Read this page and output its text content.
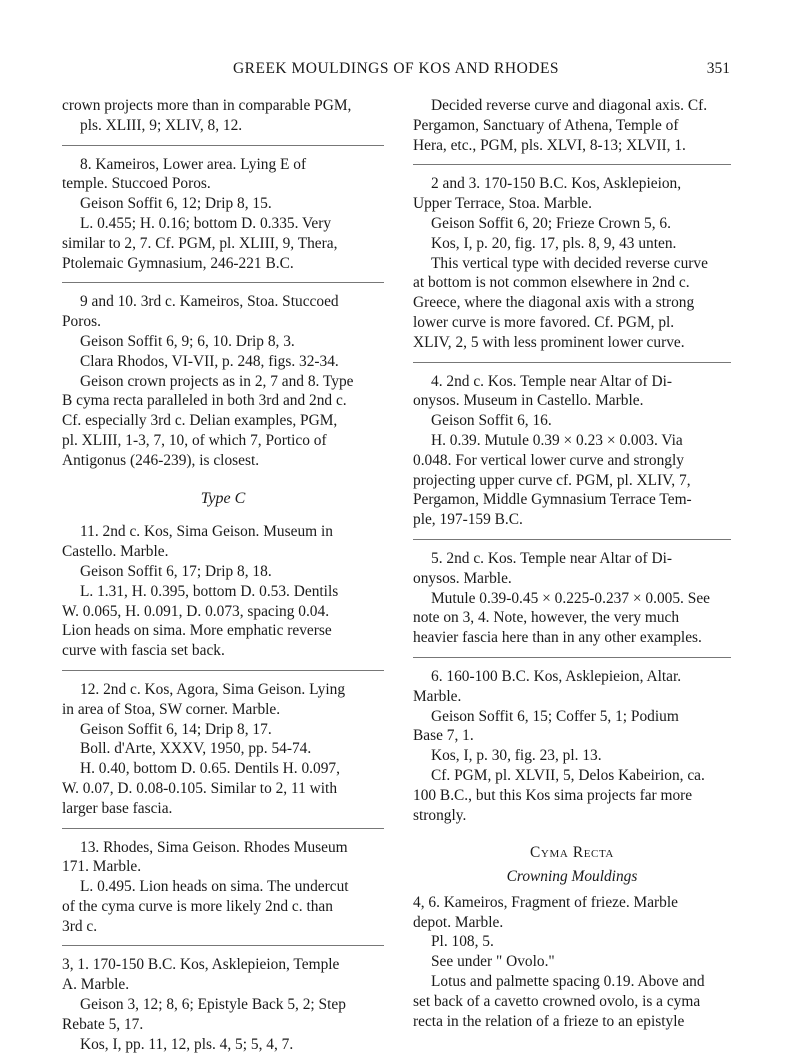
GREEK MOULDINGS OF KOS AND RHODES	351

crown projects more than in comparable PGM,

pls. XLIII, 9; XLIV, 8, 12.

8. Kameiros, Lower area. Lying E of

temple. Stuccoed Poros.

Geison Soffit 6, 12; Drip 8, 15.

L. 0.455; H. 0.16; bottom D. 0.335. Very

similar to 2, 7. Cf. PGM, pl. XLIII, 9, Thera,

Ptolemaic Gymnasium, 246-221 B.C.

9 and 10. 3rd c. Kameiros, Stoa. Stuccoed

Poros.

Geison Soffit 6, 9; 6, 10. Drip 8, 3.

Clara Rhodos, VI-VII, p. 248, figs. 32-34.

Geison crown projects as in 2, 7 and 8. Type

B cyma recta paralleled in both 3rd and 2nd c.

Cf. especially 3rd c. Delian examples, PGM,

pl. XLIII, 1-3, 7, 10, of which 7, Portico of

Antigonus (246-239), is closest.

Type C

11. 2nd c. Kos, Sima Geison. Museum in

Castello. Marble.

Geison Soffit 6, 17; Drip 8, 18.

L. 1.31, H. 0.395, bottom D. 0.53. Dentils

W. 0.065, H. 0.091, D. 0.073, spacing 0.04.

Lion heads on sima. More emphatic reverse

curve with fascia set back.

12. 2nd c. Kos, Agora, Sima Geison. Lying

in area of Stoa, SW corner. Marble.

Geison Soffit 6, 14; Drip 8, 17.

Boll. d'Arte, XXXV, 1950, pp. 54-74.

H. 0.40, bottom D. 0.65. Dentils H. 0.097,

W. 0.07, D. 0.08-0.105. Similar to 2, 11 with

larger base fascia.

13. Rhodes, Sima Geison. Rhodes Museum

171. Marble.

L. 0.495. Lion heads on sima. The undercut

of the cyma curve is more likely 2nd c. than

3rd c.

3, 1. 170-150 B.C. Kos, Asklepieion, Temple

A. Marble.

Geison 3, 12; 8, 6; Epistyle Back 5, 2; Step

Rebate 5, 17.

Kos, I, pp. 11, 12, pls. 4, 5; 5, 4, 7.

Decided reverse curve and diagonal axis. Cf.

Pergamon, Sanctuary of Athena, Temple of

Hera, etc., PGM, pls. XLVI, 8-13; XLVII, 1.

2 and 3. 170-150 B.C. Kos, Asklepieion,

Upper Terrace, Stoa. Marble.

Geison Soffit 6, 20; Frieze Crown 5, 6.

Kos, I, p. 20, fig. 17, pls. 8, 9, 43 unten.

This vertical type with decided reverse curve

at bottom is not common elsewhere in 2nd c.

Greece, where the diagonal axis with a strong

lower curve is more favored. Cf. PGM, pl.

XLIV, 2, 5 with less prominent lower curve.

4. 2nd c. Kos. Temple near Altar of Di-

onysos. Museum in Castello. Marble.

Geison Soffit 6, 16.

H. 0.39. Mutule 0.39 × 0.23 × 0.003. Via

0.048. For vertical lower curve and strongly

projecting upper curve cf. PGM, pl. XLIV, 7,

Pergamon, Middle Gymnasium Terrace Tem-

ple, 197-159 B.C.

5. 2nd c. Kos. Temple near Altar of Di-

onysos. Marble.

Mutule 0.39-0.45 × 0.225-0.237 × 0.005. See

note on 3, 4. Note, however, the very much

heavier fascia here than in any other examples.

6. 160-100 B.C. Kos, Asklepieion, Altar.

Marble.

Geison Soffit 6, 15; Coffer 5, 1; Podium

Base 7, 1.

Kos, I, p. 30, fig. 23, pl. 13.

Cf. PGM, pl. XLVII, 5, Delos Kabeirion, ca.

100 B.C., but this Kos sima projects far more

strongly.

Cyma Recta
Crowning Mouldings

4, 6. Kameiros, Fragment of frieze. Marble

depot. Marble.

Pl. 108, 5.

See under " Ovolo."

Lotus and palmette spacing 0.19. Above and

set back of a cavetto crowned ovolo, is a cyma

recta in the relation of a frieze to an epistyle
